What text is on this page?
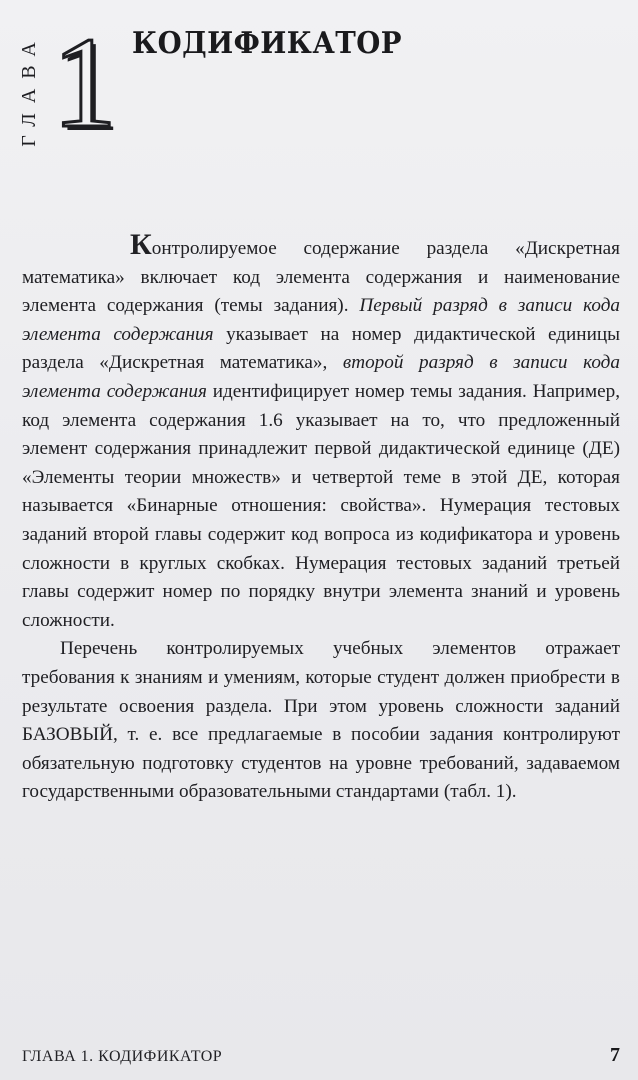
ГЛАВА 1 КОДИФИКАТОР

Контролируемое содержание раздела «Дискретная математика» включает код элемента содержания и наименование элемента содержания (темы задания). Первый разряд в записи кода элемента содержания указывает на номер дидактической единицы раздела «Дискретная математика», второй разряд в записи кода элемента содержания идентифицирует номер темы задания. Например, код элемента содержания 1.6 указывает на то, что предложенный элемент содержания принадлежит первой дидактической единице (ДЕ) «Элементы теории множеств» и четвертой теме в этой ДЕ, которая называется «Бинарные отношения: свойства». Нумерация тестовых заданий второй главы содержит код вопроса из кодификатора и уровень сложности в круглых скобках. Нумерация тестовых заданий третьей главы содержит номер по порядку внутри элемента знаний и уровень сложности.

Перечень контролируемых учебных элементов отражает требования к знаниям и умениям, которые студент должен приобрести в результате освоения раздела. При этом уровень сложности заданий БАЗОВЫЙ, т. е. все предлагаемые в пособии задания контролируют обязательную подготовку студентов на уровне требований, задаваемом государственными образовательными стандартами (табл. 1).

ГЛАВА 1. КОДИФИКАТОР	7
